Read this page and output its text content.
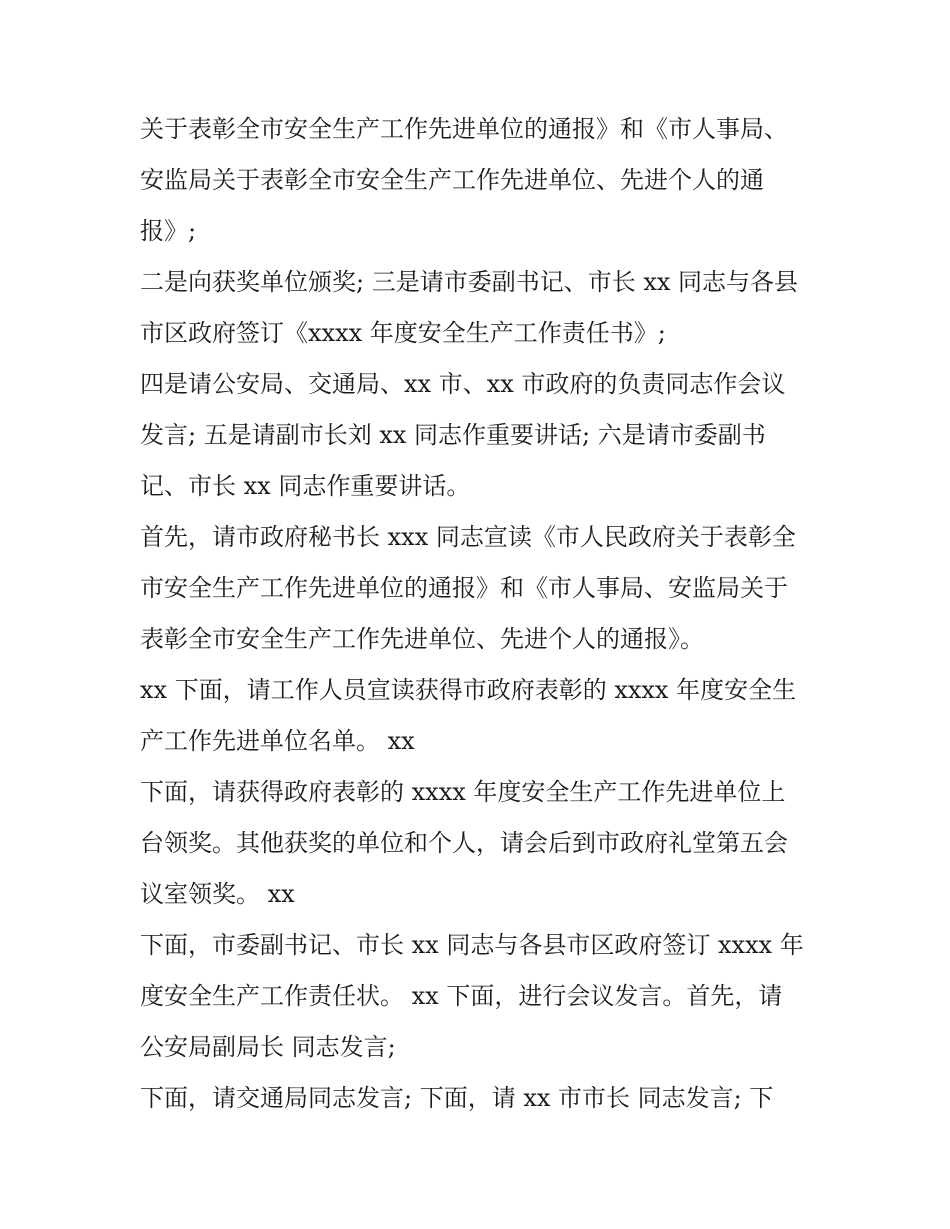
关于表彰全市安全生产工作先进单位的通报》和《市人事局、
安监局关于表彰全市安全生产工作先进单位、先进个人的通
报》;
二是向获奖单位颁奖; 三是请市委副书记、市长 xx 同志与各县
市区政府签订《xxxx 年度安全生产工作责任书》;
四是请公安局、交通局、xx 市、xx 市政府的负责同志作会议
发言; 五是请副市长刘 xx 同志作重要讲话; 六是请市委副书
记、市长 xx 同志作重要讲话。
首先，请市政府秘书长 xxx 同志宣读《市人民政府关于表彰全
市安全生产工作先进单位的通报》和《市人事局、安监局关于
表彰全市安全生产工作先进单位、先进个人的通报》。
xx 下面，请工作人员宣读获得市政府表彰的 xxxx 年度安全生
产工作先进单位名单。 xx
下面，请获得政府表彰的 xxxx 年度安全生产工作先进单位上
台领奖。其他获奖的单位和个人，请会后到市政府礼堂第五会
议室领奖。 xx
下面，市委副书记、市长 xx 同志与各县市区政府签订 xxxx 年
度安全生产工作责任状。 xx 下面，进行会议发言。首先，请
公安局副局长 同志发言;
下面，请交通局同志发言; 下面，请 xx 市市长 同志发言; 下
